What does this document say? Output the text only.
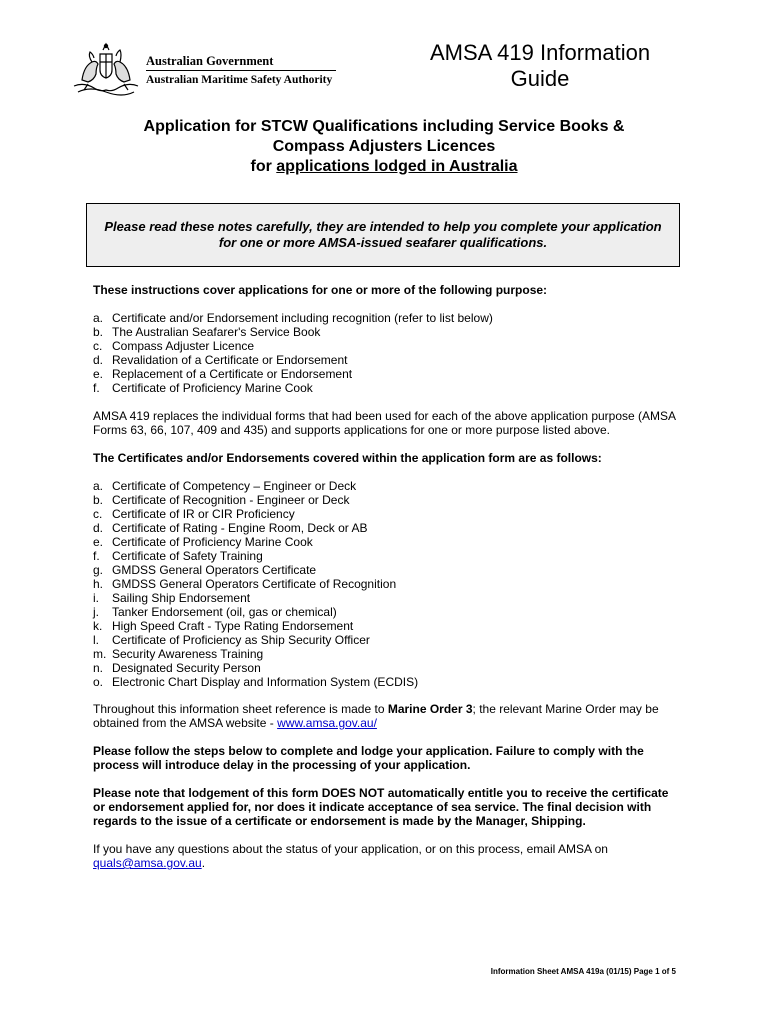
Australian Government
Australian Maritime Safety Authority
AMSA 419 Information
Guide
Application for STCW Qualifications including Service Books &
Compass Adjusters Licences
for applications lodged in Australia

Please read these notes carefully, they are intended to help you complete your application for one or more AMSA-issued seafarer qualifications.

These instructions cover applications for one or more of the following purpose:

a. Certificate and/or Endorsement including recognition (refer to list below)
b. The Australian Seafarer's Service Book
c. Compass Adjuster Licence
d. Revalidation of a Certificate or Endorsement
e. Replacement of a Certificate or Endorsement
f.	Certificate of Proficiency Marine Cook

AMSA 419 replaces the individual forms that had been used for each of the above application purpose (AMSA Forms 63, 66, 107, 409 and 435) and supports applications for one or more purpose listed above.

The Certificates and/or Endorsements covered within the application form are as follows:

a. Certificate of Competency – Engineer or Deck
b. Certificate of Recognition - Engineer or Deck
c. Certificate of IR or CIR Proficiency
d. Certificate of Rating - Engine Room, Deck or AB
e. Certificate of Proficiency Marine Cook
f.	Certificate of Safety Training
g. GMDSS General Operators Certificate
h. GMDSS General Operators Certificate of Recognition
i.	Sailing Ship Endorsement
j.	Tanker Endorsement (oil, gas or chemical)
k. High Speed Craft - Type Rating Endorsement
l.	Certificate of Proficiency as Ship Security Officer
m. Security Awareness Training
n. Designated Security Person
o. Electronic Chart Display and Information System (ECDIS)

Throughout this information sheet reference is made to Marine Order 3; the relevant Marine Order may be obtained from the AMSA website - www.amsa.gov.au/

Please follow the steps below to complete and lodge your application. Failure to comply with the process will introduce delay in the processing of your application.

Please note that lodgement of this form DOES NOT automatically entitle you to receive the certificate or endorsement applied for, nor does it indicate acceptance of sea service. The final decision with regards to the issue of a certificate or endorsement is made by the Manager, Shipping.

If you have any questions about the status of your application, or on this process, email AMSA on quals@amsa.gov.au.

Information Sheet AMSA 419a (01/15) Page 1 of 5
